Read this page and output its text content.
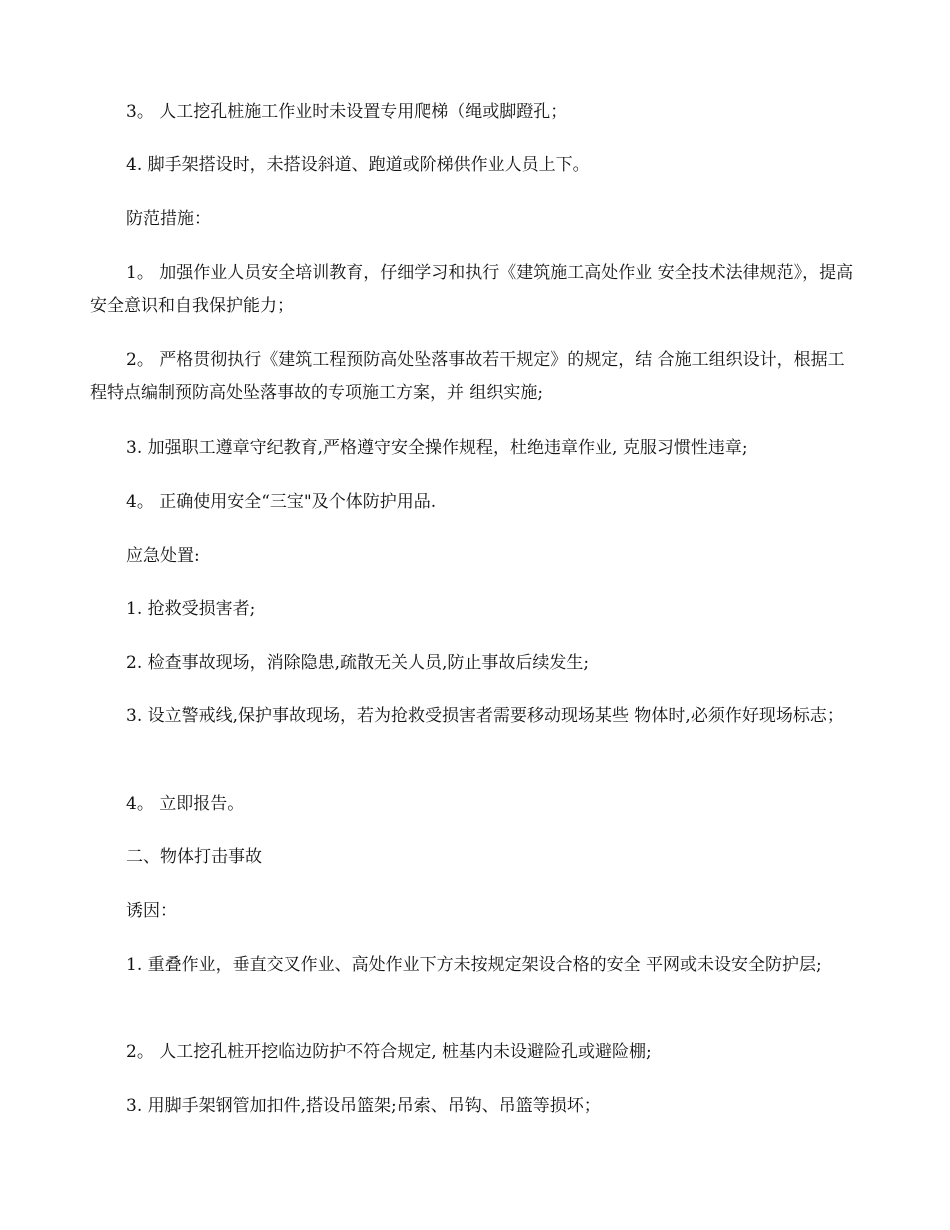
3。 人工挖孔桩施工作业时未设置专用爬梯（绳或脚蹬孔；

4. 脚手架搭设时，未搭设斜道、跑道或阶梯供作业人员上下。

防范措施：

1。 加强作业人员安全培训教育，仔细学习和执行《建筑施工高处作业 安全技术法律规范》，提高安全意识和自我保护能力；

2。 严格贯彻执行《建筑工程预防高处坠落事故若干规定》的规定，结 合施工组织设计，根据工程特点编制预防高处坠落事故的专项施工方案，并 组织实施;

3. 加强职工遵章守纪教育,严格遵守安全操作规程，杜绝违章作业, 克服习惯性违章;

4。 正确使用安全“三宝"及个体防护用品.

应急处置:

1. 抢救受损害者;

2. 检查事故现场，消除隐患,疏散无关人员,防止事故后续发生;

3. 设立警戒线,保护事故现场，若为抢救受损害者需要移动现场某些 物体时,必须作好现场标志；

4。 立即报告。

二、物体打击事故

诱因：

1. 重叠作业，垂直交叉作业、高处作业下方未按规定架设合格的安全 平网或未设安全防护层;

2。 人工挖孔桩开挖临边防护不符合规定, 桩基内未设避险孔或避险棚;

3. 用脚手架钢管加扣件,搭设吊篮架;吊索、吊钩、吊篮等损坏；
